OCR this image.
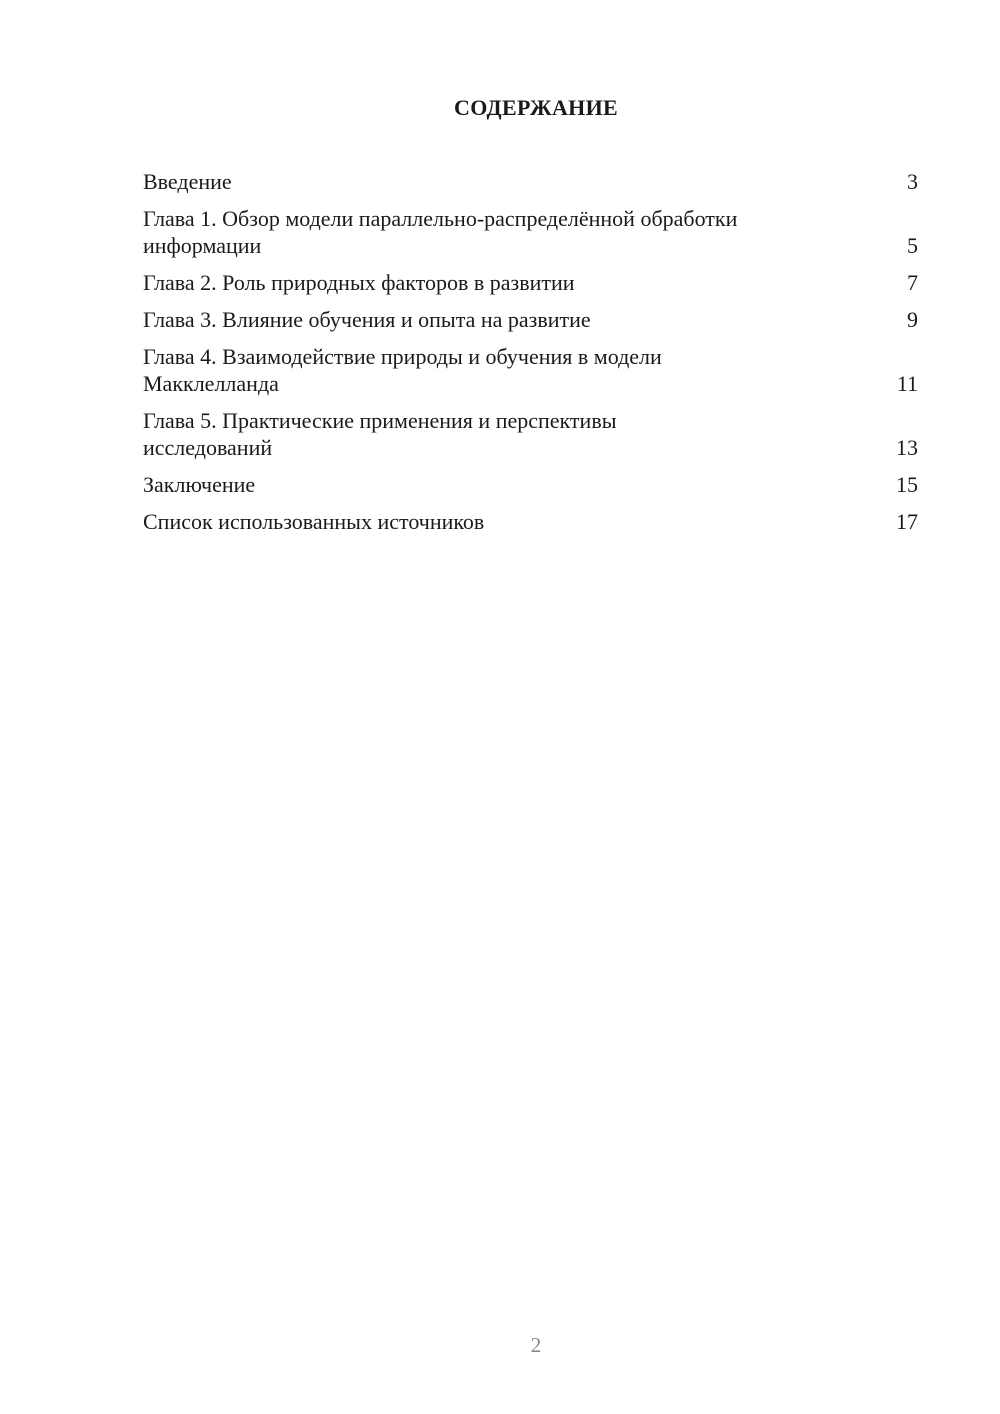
СОДЕРЖАНИЕ
Введение	3
Глава 1. Обзор модели параллельно-распределённой обработки информации	5
Глава 2. Роль природных факторов в развитии	7
Глава 3. Влияние обучения и опыта на развитие	9
Глава 4. Взаимодействие природы и обучения в модели Макклелланда	11
Глава 5. Практические применения и перспективы исследований	13
Заключение	15
Список использованных источников	17
2
